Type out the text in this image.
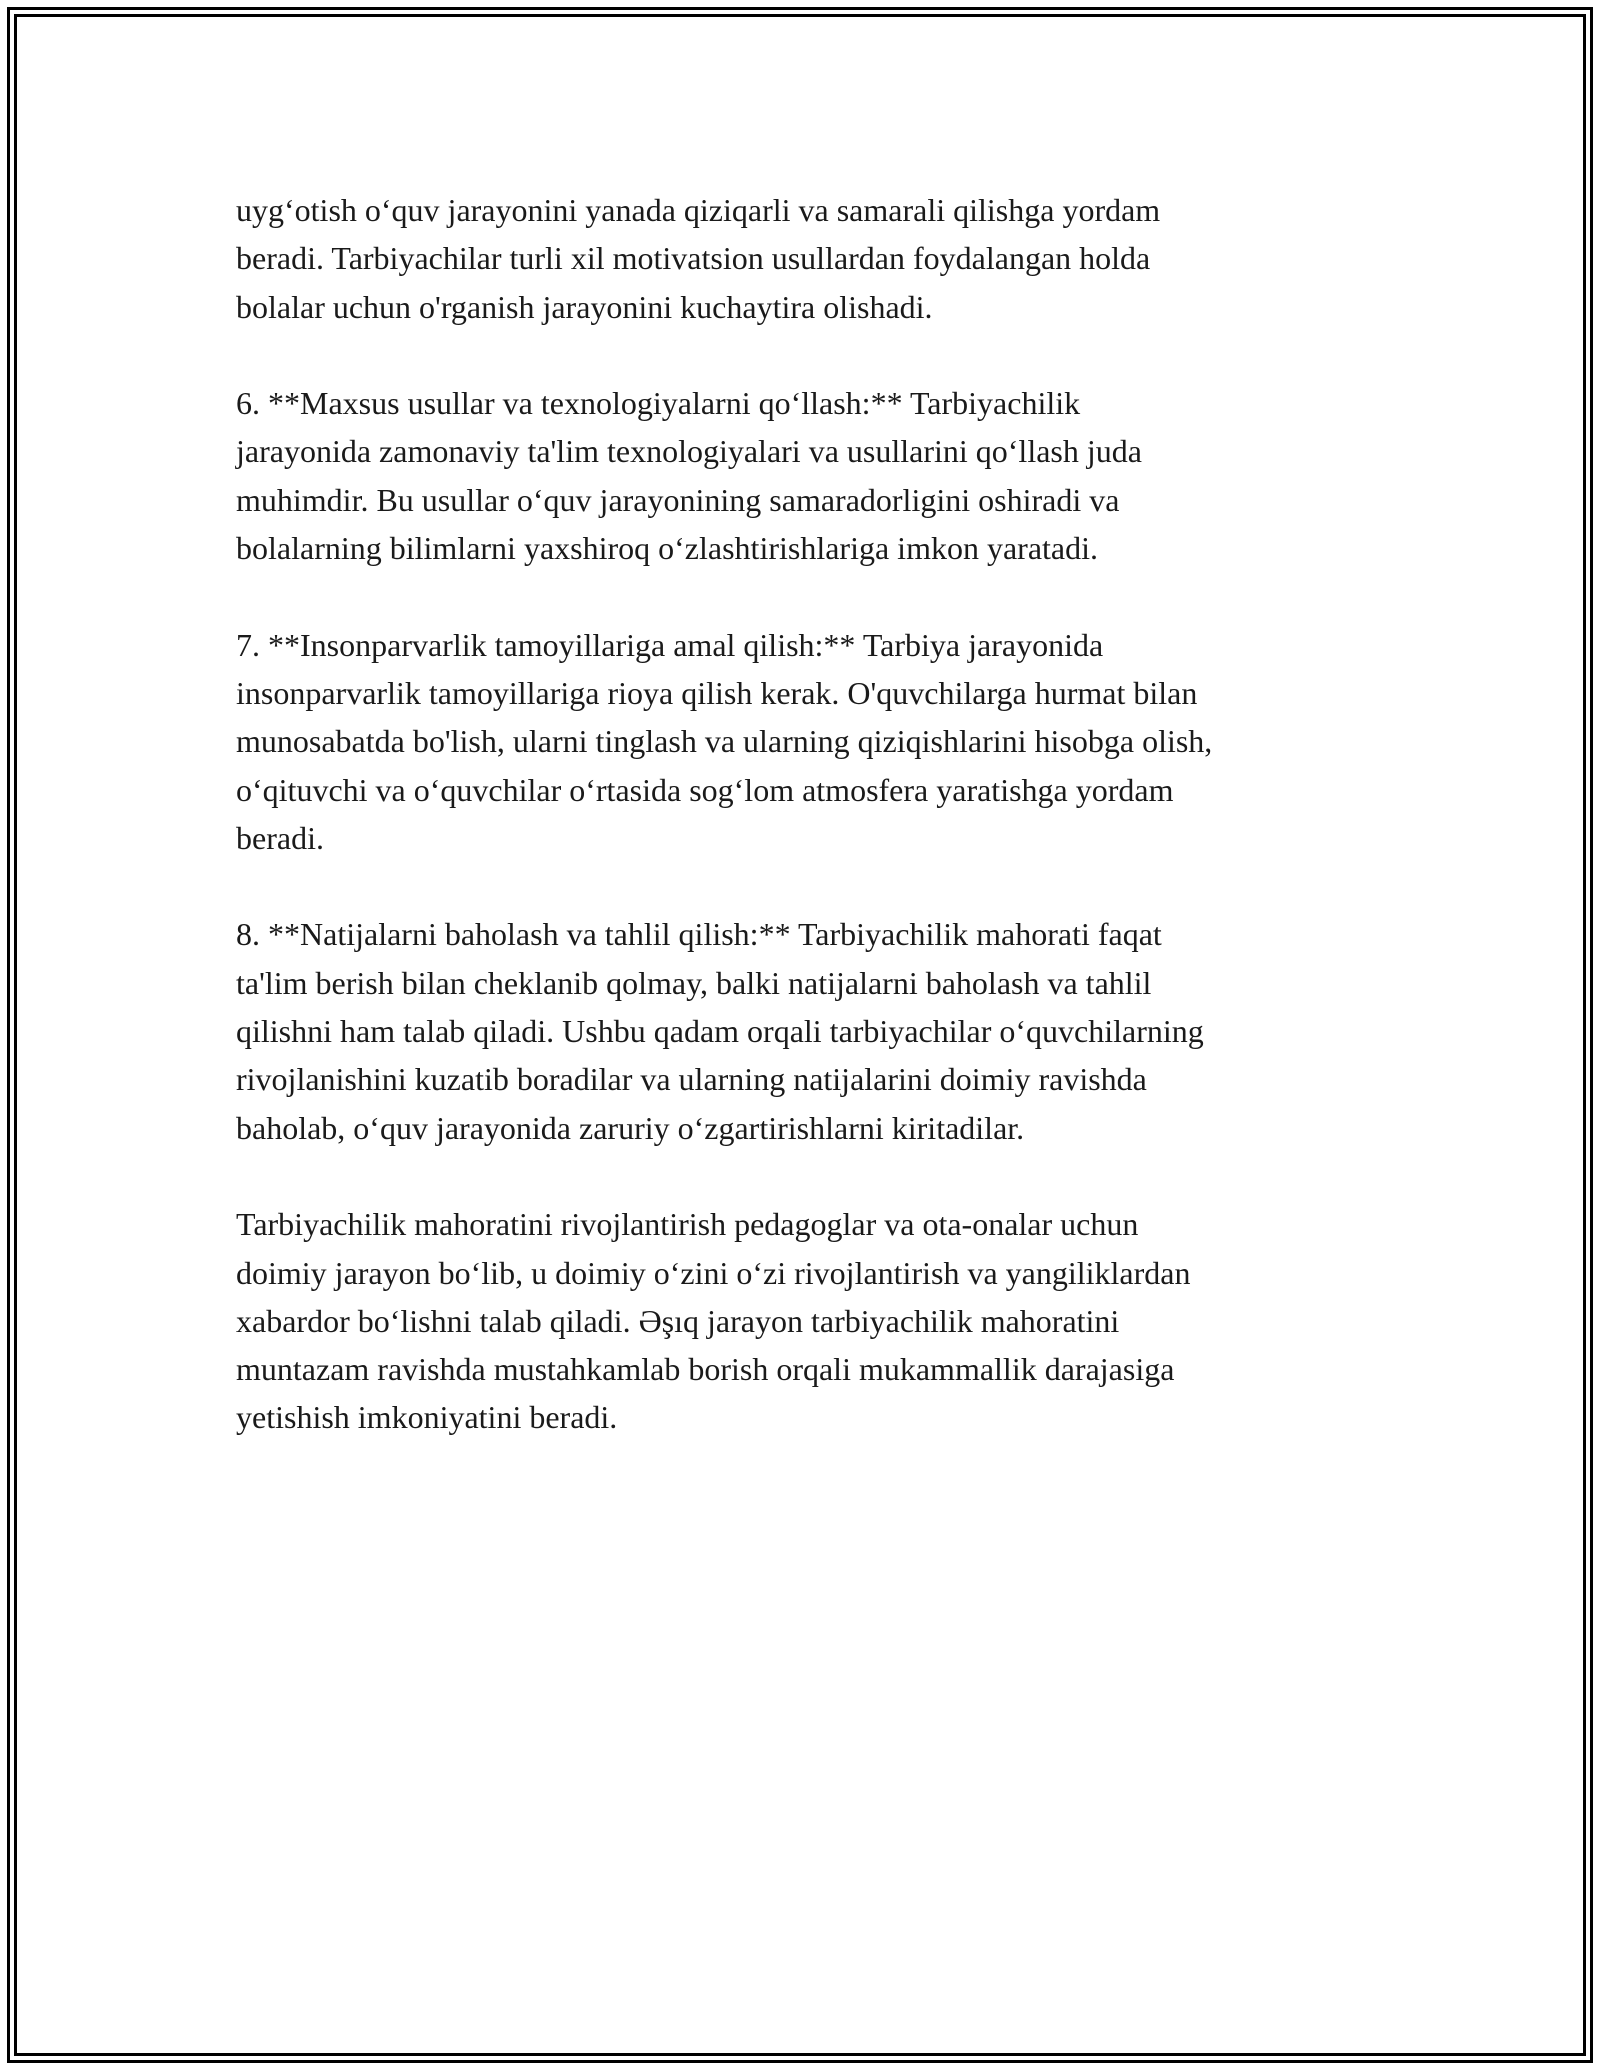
uyg‘otish o‘quv jarayonini yanada qiziqarli va samarali qilishga yordam
beradi. Tarbiyachilar turli xil motivatsion usullardan foydalangan holda
bolalar uchun o'rganish jarayonini kuchaytira olishadi.

6. **Maxsus usullar va texnologiyalarni qo‘llash:** Tarbiyachilik
jarayonida zamonaviy ta'lim texnologiyalari va usullarini qo‘llash juda
muhimdir. Bu usullar o‘quv jarayonining samaradorligini oshiradi va
bolalarning bilimlarni yaxshiroq o‘zlashtirishlariga imkon yaratadi.

7. **Insonparvarlik tamoyillariga amal qilish:** Tarbiya jarayonida
insonparvarlik tamoyillariga rioya qilish kerak. O'quvchilarga hurmat bilan
munosabatda bo'lish, ularni tinglash va ularning qiziqishlarini hisobga olish,
o‘qituvchi va o‘quvchilar o‘rtasida sog‘lom atmosfera yaratishga yordam
beradi.

8. **Natijalarni baholash va tahlil qilish:** Tarbiyachilik mahorati faqat
ta'lim berish bilan cheklanib qolmay, balki natijalarni baholash va tahlil
qilishni ham talab qiladi. Ushbu qadam orqali tarbiyachilar o‘quvchilarning
rivojlanishini kuzatib boradilar va ularning natijalarini doimiy ravishda
baholab, o‘quv jarayonida zaruriy o‘zgartirishlarni kiritadilar.

Tarbiyachilik mahoratini rivojlantirish pedagoglar va ota-onalar uchun
doimiy jarayon bo‘lib, u doimiy o‘zini o‘zi rivojlantirish va yangiliklardan
xabardor bo‘lishni talab qiladi. Əşıq jarayon tarbiyachilik mahoratini
muntazam ravishda mustahkamlab borish orqali mukammallik darajasiga
yetishish imkoniyatini beradi.
